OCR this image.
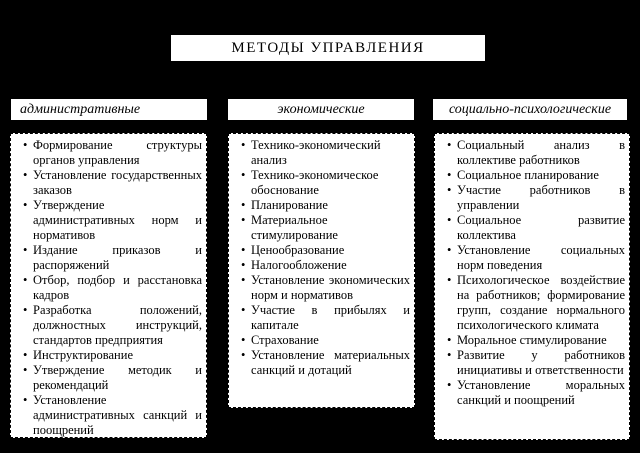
МЕТОДЫ УПРАВЛЕНИЯ
административные	экономические	социально-психологические
• Формирование структуры органов управления
• Установление государственных заказов
• Утверждение административных норм и нормативов
• Издание приказов и распоряжений
• Отбор, подбор и расстановка кадров
• Разработка положений, должностных инструкций, стандартов предприятия
• Инструктирование
• Утверждение методик и рекомендаций
• Установление административных санкций и поощрений
• Технико-экономический анализ
• Технико-экономическое обоснование
• Планирование
• Материальное стимулирование
• Ценообразование
• Налогообложение
• Установление экономических норм и нормативов
• Участие в прибылях и капитале
• Страхование
• Установление материальных санкций и дотаций
• Социальный анализ в коллективе работников
• Социальное планирование
• Участие работников в управлении
• Социальное развитие коллектива
• Установление социальных норм поведения
• Психологическое воздействие на работников; формирование групп, создание нормального психологического климата
• Моральное стимулирование
• Развитие у работников инициативы и ответственности
• Установление моральных санкций и поощрений
